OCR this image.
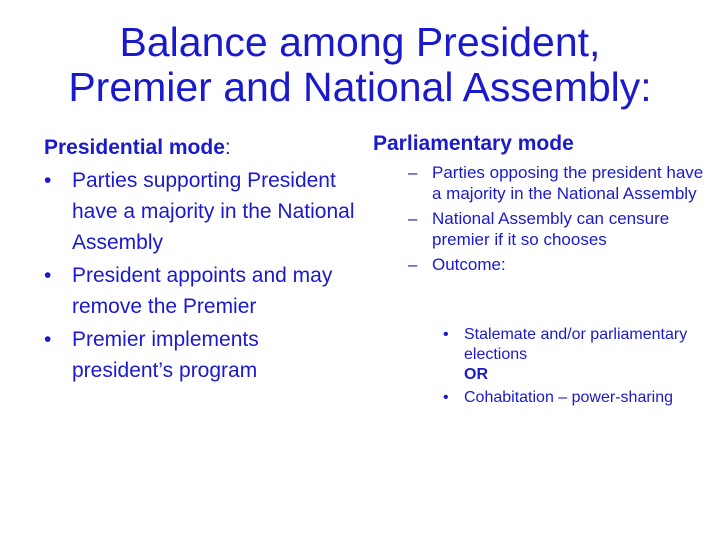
Balance among President,
Premier and National Assembly:
Presidential mode:
• Parties supporting President have a majority in the National Assembly
• President appoints and may remove the Premier
• Premier implements president’s program
Parliamentary mode
– Parties opposing the president have a majority in the National Assembly
– National Assembly can censure premier if it so chooses
– Outcome:
• Stalemate and/or parliamentary elections
OR
• Cohabitation – power-sharing
